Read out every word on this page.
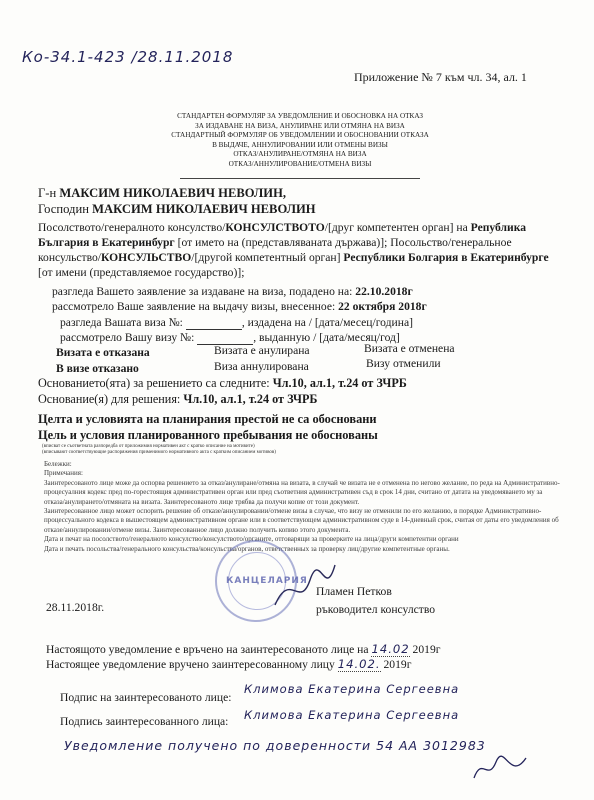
Ко-34.1-423 /28.11.2018
Приложение № 7 към чл. 34, ал. 1
СТАНДАРТЕН ФОРМУЛЯР ЗА УВЕДОМЛЕНИЕ И ОБОСНОВКА НА ОТКАЗ
ЗА ИЗДАВАНЕ НА ВИЗА, АНУЛИРАНЕ ИЛИ ОТМЯНА НА ВИЗА
СТАНДАРТНЫЙ ФОРМУЛЯР ОБ УВЕДОМЛЕНИИ И ОБОСНОВАНИИ ОТКАЗА
В ВЫДАЧЕ, АННУЛИРОВАНИИ ИЛИ ОТМЕНЫ ВИЗЫ
ОТКАЗ/АНУЛИРАНЕ/ОТМЯНА НА ВИЗА
ОТКАЗ/АННУЛИРОВАНИЕ/ОТМЕНА ВИЗЫ
Г-н МАКСИМ НИКОЛАЕВИЧ НЕВОЛИН,
Господин МАКСИМ НИКОЛАЕВИЧ НЕВОЛИН
Посолството/генералното консулство/КОНСУЛСТВОТО/[друг компетентен орган] на Република
България в Екатеринбург [от името на (представляваната държава)]; Посольство/генеральное
консульство/КОНСУЛЬСТВО/[другой компетентный орган] Республики Болгария в Екатеринбурге
[от имени (представляемое государство)];
разгледа Вашето заявление за издаване на виза, подадено на: 22.10.2018г
рассмотрело Ваше заявление на выдачу визы, внесенное: 22 октября 2018г
разгледа Вашата виза №:	, издадена на / [дата/месец/година]
рассмотрело Вашу визу №:	, выданную / [дата/месяц/год]
Визата е отказана	Визата е анулирана	Визата е отменена
В визе отказано	Виза аннулирована	Визу отменили
Основанието(ята) за решението са следните: Чл.10, ал.1, т.24 от ЗЧРБ
Основание(я) для решения: Чл.10, ал.1, т.24 от ЗЧРБ
Целта и условията на планирания престой не са обосновани
Цель и условия планированного пребывания не обоснованы
(вписват се съответната разпоредба от приложимия нормативен акт с кратко описание на мотивите)
(вписывают соответствующие распоряжения применимого нормативного акта с кратким описанием мотивов)

Бележки:

Примечания:

Заинтересованото лице може да оспорва решението за отказ/анулиране/отмяна на визата, в случай че визата не е отменена по негово желание, по реда на Административно-процесуалния кодекс пред по-горестоящия административен орган или пред съответния административен съд в срок 14 дни, считано от датата на уведомяването му за отказа/анулирането/отмяната на визата. Заинтересованото лице трябва да получи копие от този документ.

Заинтересованное лицо может оспорить решение об отказе/аннулировании/отмене визы в случае, что визу не отменили по его желанию, в порядке Административно-процессуального кодекса в вышестоящем административном органе или в соответствующем административном суде в 14-дневный срок, считая от даты его уведомления об отказе/аннулировании/отмене визы. Заинтересованное лицо должно получить копию этого документа.

Дата и печат на посолството/генералното консулство/консулството/органите, отговарящи за проверките на лица/други компетентни органи

Дата и печать посольства/генерального консульства/консульства/органов, ответственных за проверку лиц/другие компетентные органы.

КАНЦЕЛАРИЯ
28.11.2018г.
Пламен Петков
ръководител консулство
Настоящото уведомление е връчено на заинтересованото лице на 14.02 2019г
Настоящее уведомление вручено заинтересованному лицу 14.02. 2019г
Подпис на заинтересованото лице:
Климова Екатерина Сергеевна
Подпись заинтересованного лица: Климова Екатерина Сергеевна
Уведомление получено по доверенности 54 АА 3012983
